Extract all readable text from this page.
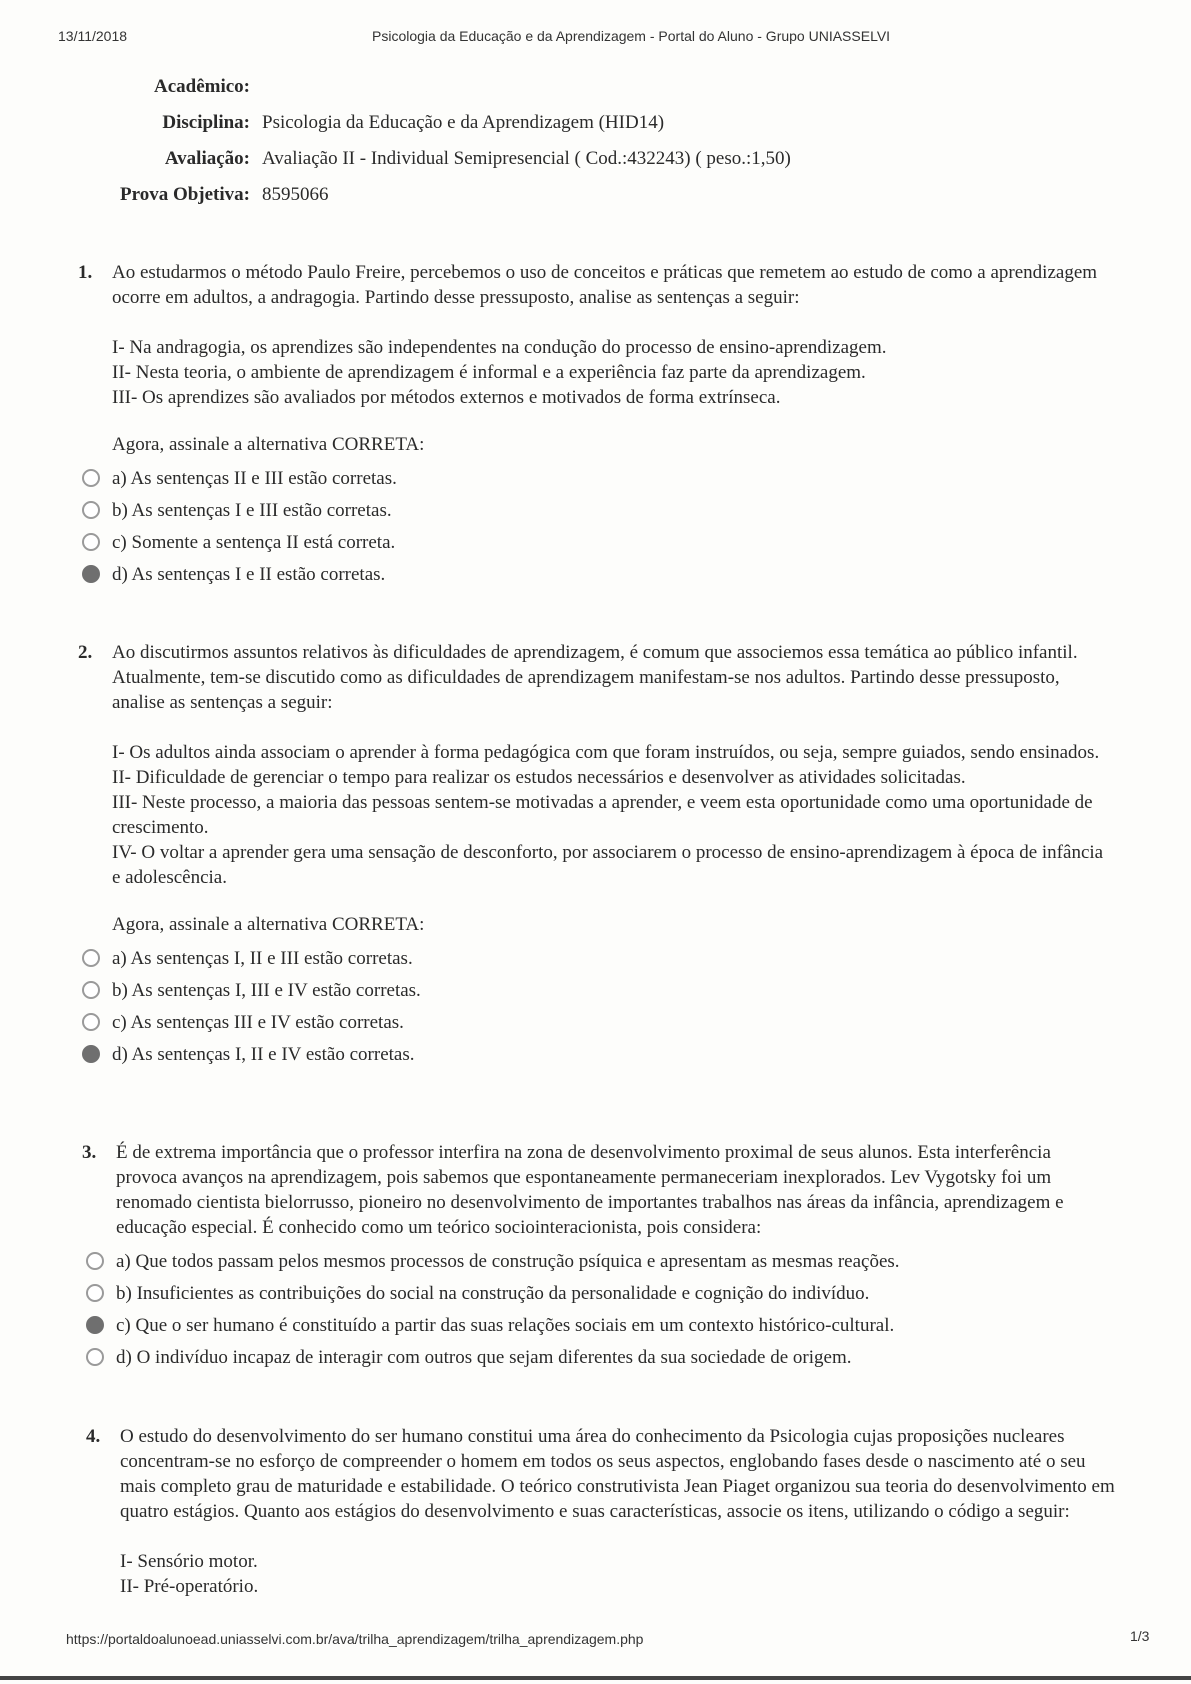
13/11/2018	Psicologia da Educação e da Aprendizagem - Portal do Aluno - Grupo UNIASSELVI
Acadêmico:
Disciplina: Psicologia da Educação e da Aprendizagem (HID14)
Avaliação: Avaliação II - Individual Semipresencial ( Cod.:432243) ( peso.:1,50)
Prova Objetiva: 8595066
1. Ao estudarmos o método Paulo Freire, percebemos o uso de conceitos e práticas que remetem ao estudo de como a aprendizagem ocorre em adultos, a andragogia. Partindo desse pressuposto, analise as sentenças a seguir:

I- Na andragogia, os aprendizes são independentes na condução do processo de ensino-aprendizagem.
II- Nesta teoria, o ambiente de aprendizagem é informal e a experiência faz parte da aprendizagem.
III- Os aprendizes são avaliados por métodos externos e motivados de forma extrínseca.
Agora, assinale a alternativa CORRETA:
a) As sentenças II e III estão corretas.
b) As sentenças I e III estão corretas.
c) Somente a sentença II está correta.
d) As sentenças I e II estão corretas.
2. Ao discutirmos assuntos relativos às dificuldades de aprendizagem, é comum que associemos essa temática ao público infantil. Atualmente, tem-se discutido como as dificuldades de aprendizagem manifestam-se nos adultos. Partindo desse pressuposto, analise as sentenças a seguir:

I- Os adultos ainda associam o aprender à forma pedagógica com que foram instruídos, ou seja, sempre guiados, sendo ensinados.
II- Dificuldade de gerenciar o tempo para realizar os estudos necessários e desenvolver as atividades solicitadas.
III- Neste processo, a maioria das pessoas sentem-se motivadas a aprender, e veem esta oportunidade como uma oportunidade de crescimento.
IV- O voltar a aprender gera uma sensação de desconforto, por associarem o processo de ensino-aprendizagem à época de infância e adolescência.
Agora, assinale a alternativa CORRETA:
a) As sentenças I, II e III estão corretas.
b) As sentenças I, III e IV estão corretas.
c) As sentenças III e IV estão corretas.
d) As sentenças I, II e IV estão corretas.
3. É de extrema importância que o professor interfira na zona de desenvolvimento proximal de seus alunos. Esta interferência provoca avanços na aprendizagem, pois sabemos que espontaneamente permaneceriam inexplorados. Lev Vygotsky foi um renomado cientista bielorrusso, pioneiro no desenvolvimento de importantes trabalhos nas áreas da infância, aprendizagem e educação especial. É conhecido como um teórico sociointeracionista, pois considera:

a) Que todos passam pelos mesmos processos de construção psíquica e apresentam as mesmas reações.
b) Insuficientes as contribuições do social na construção da personalidade e cognição do indivíduo.
c) Que o ser humano é constituído a partir das suas relações sociais em um contexto histórico-cultural.
d) O indivíduo incapaz de interagir com outros que sejam diferentes da sua sociedade de origem.
4. O estudo do desenvolvimento do ser humano constitui uma área do conhecimento da Psicologia cujas proposições nucleares concentram-se no esforço de compreender o homem em todos os seus aspectos, englobando fases desde o nascimento até o seu mais completo grau de maturidade e estabilidade. O teórico construtivista Jean Piaget organizou sua teoria do desenvolvimento em quatro estágios. Quanto aos estágios do desenvolvimento e suas características, associe os itens, utilizando o código a seguir:

I- Sensório motor.
II- Pré-operatório.
https://portaldoalunoead.uniasselvi.com.br/ava/trilha_aprendizagem/trilha_aprendizagem.php	1/3
